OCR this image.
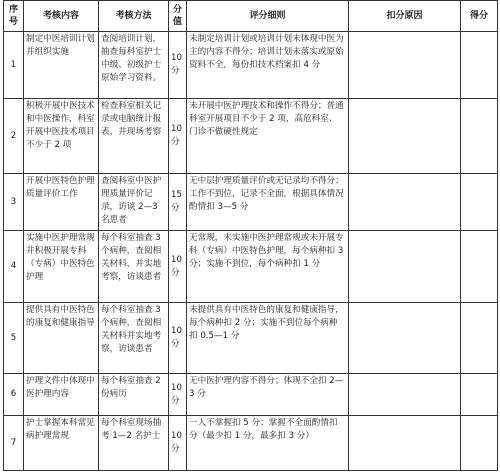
序号	考核内容	考核方法	分值	评分细则	扣分原因	得分
1	制定中医培训计划并组织实施	查阅培训计划，抽查每科室护士中级、初级护士原始学习资料。	10分	未制定培训计划或培训计划未体现中医为主的内容不得分；培训计划未落实或原始资料不全，每份扣技术档案扣 4 分		
2	积极开展中医技术和中医操作，科室开展中医技术项目不少于 2 项	检查科室相关记录或电脑统计报表，并现场考察	10分	未开展中医护理技术和操作不得分；普通科室开展项目不少于 2 项，高危科室、门诊不做硬性规定		
3	开展中医特色护理质量评价工作	查阅科室中医护理质量评价记录，访谈 2—3 名患者	15分	无中层护理质量评价或无记录均不得分；工作不到位，记录不全面，根据具体情况酌情扣 3—5 分		
4	实施中医护理常规并积极开展专科（专病）中医特色护理	每个科室抽查 3 个病种，查阅相关材料，并实地考察，访谈患者	10分	无常规，未实施中医护理常规或未开展专科（专病）中医特色护理，每个病种扣 3 分；实施不到位，每个病种扣 1 分		
5	提供具有中医特色的康复和健康指导	每个科室抽查 3 个病种，查阅相关材料并实地考察，访谈患者	10分	未提供具有中医特色的康复和健康指导，每个病种扣 2 分；实施不到位每个病种扣 0.5—1 分		
6	护理文件中体现中医护理内容	每个科室抽查 2 份病历	10分	无中医护理内容不得分；体现不全扣 2—3 分		
7	护士掌握本科常见病护理常规	每个科室现场抽考 1—2 名护士	10分	一人不掌握扣 5 分；掌握不全面酌情扣分（最少扣 1 分，最多扣 3 分）		
